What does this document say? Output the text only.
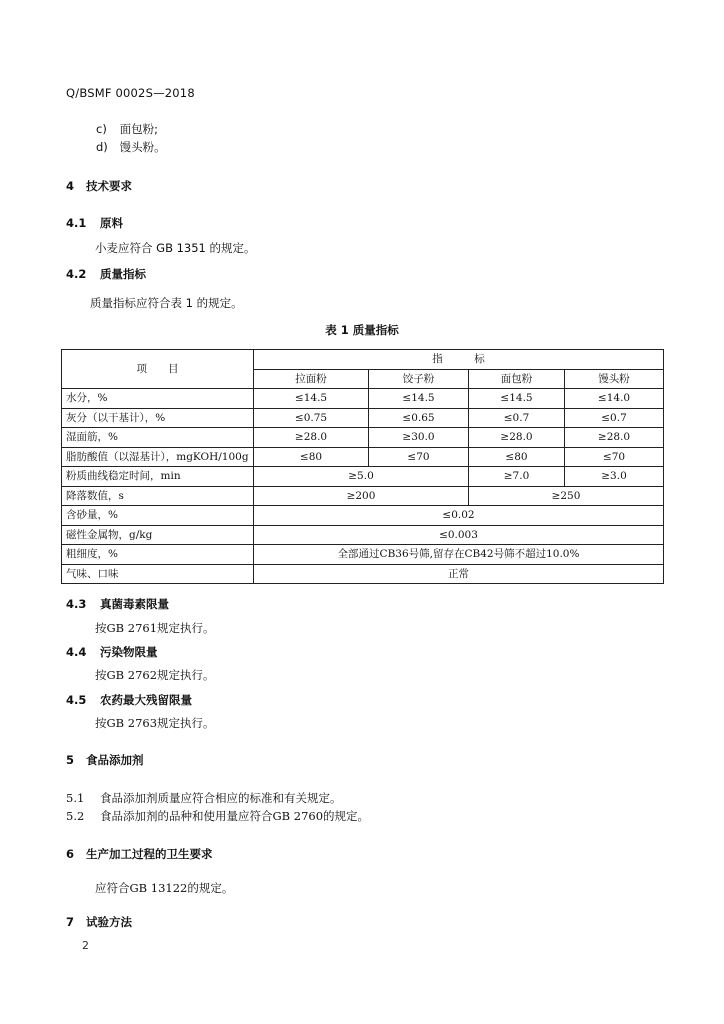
Q/BSMF 0002S—2018
c) 面包粉;
d) 馒头粉。
4 技术要求
4.1 原料
小麦应符合 GB 1351 的规定。
4.2 质量指标
质量指标应符合表 1 的规定。
表 1 质量指标
项　　目	指　　　标			
	拉面粉	饺子粉	面包粉	馒头粉
水分，%	≤14.5	≤14.5	≤14.5	≤14.0
灰分（以干基计），%	≤0.75	≤0.65	≤0.7	≤0.7
湿面筋，%	≥28.0	≥30.0	≥28.0	≥28.0
脂肪酸值（以湿基计），mgKOH/100g	≤80	≤70	≤80	≤70
粉质曲线稳定时间，min	≥5.0		≥7.0	≥3.0
降落数值，s	≥200		≥250	
含砂量，%	≤0.02			
磁性金属物，g/kg	≤0.003			
粗细度，%	全部通过CB36号筛,留存在CB42号筛不超过10.0%			
气味、口味	正常			
4.3 真菌毒素限量
按GB 2761规定执行。
4.4 污染物限量
按GB 2762规定执行。
4.5 农药最大残留限量
按GB 2763规定执行。
5 食品添加剂
5.1 食品添加剂质量应符合相应的标准和有关规定。
5.2 食品添加剂的品种和使用量应符合GB 2760的规定。
6 生产加工过程的卫生要求
应符合GB 13122的规定。
7 试验方法
2
